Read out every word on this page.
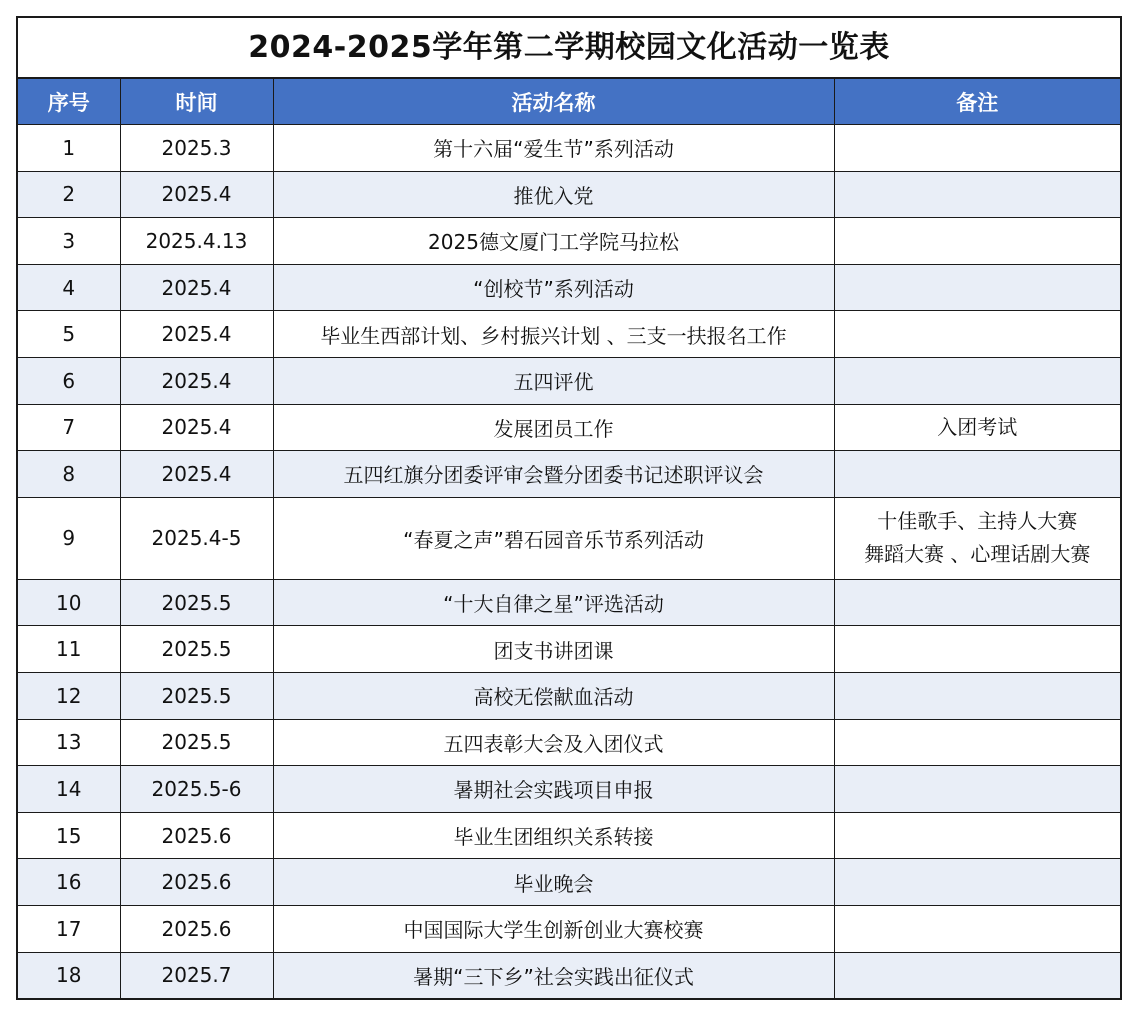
2024-2025学年第二学期校园文化活动一览表
序号	时间	活动名称	备注
1	2025.3	第十六届“爱生节”系列活动	
2	2025.4	推优入党	
3	2025.4.13	2025德文厦门工学院马拉松	
4	2025.4	“创校节”系列活动	
5	2025.4	毕业生西部计划、乡村振兴计划 、三支一扶报名工作	
6	2025.4	五四评优	
7	2025.4	发展团员工作	入团考试

8	2025.4	五四红旗分团委评审会暨分团委书记述职评议会	
9	2025.4-5	“春夏之声”碧石园音乐节系列活动	十佳歌手、主持人大赛
舞蹈大赛 、心理话剧大赛

10	2025.5	“十大自律之星”评选活动	
11	2025.5	团支书讲团课	
12	2025.5	高校无偿献血活动	
13	2025.5	五四表彰大会及入团仪式	
14	2025.5-6	暑期社会实践项目申报	
15	2025.6	毕业生团组织关系转接	
16	2025.6	毕业晚会	
17	2025.6	中国国际大学生创新创业大赛校赛	
18	2025.7	暑期“三下乡”社会实践出征仪式	
